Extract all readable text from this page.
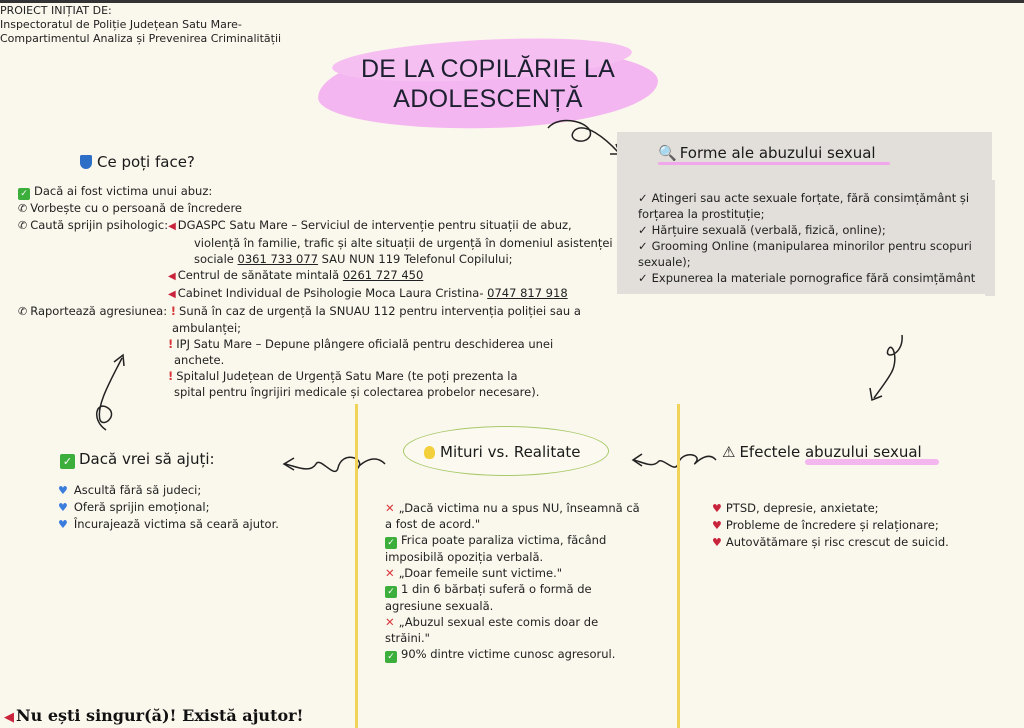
PROIECT INIȚIAT DE:
Inspectoratul de Poliție Județean Satu Mare-
Compartimentul Analiza și Prevenirea Criminalității
DE LA COPILĂRIE LA
ADOLESCENȚĂ
Ce poți face?
✓ Dacă ai fost victima unui abuz:
✆ Vorbește cu o persoană de încredere
✆ Caută sprijin psihologic:◀ DGASPC Satu Mare – Serviciul de intervenție pentru situații de abuz,
violență în familie, trafic și alte situații de urgență în domeniul asistenței
sociale 0361 733 077 SAU NUN 119 Telefonul Copilului;
◀ Centrul de sănătate mintală 0261 727 450
◀ Cabinet Individual de Psihologie Moca Laura Cristina- 0747 817 918
✆ Raportează agresiunea: ! Sună în caz de urgență la SNUAU 112 pentru intervenția poliției sau a
ambulanței;
! IPJ Satu Mare – Depune plângere oficială pentru deschiderea unei
anchete.
! Spitalul Județean de Urgență Satu Mare (te poți prezenta la
spital pentru îngrijiri medicale și colectarea probelor necesare).
🔍 Forme ale abuzului sexual
✓ Atingeri sau acte sexuale forțate, fără consimțământ și
forțarea la prostituție;
✓ Hărțuire sexuală (verbală, fizică, online);
✓ Grooming Online (manipularea minorilor pentru scopuri
sexuale);
✓ Expunerea la materiale pornografice fără consimțământ
✓ Dacă vrei să ajuți:
♥ Ascultă fără să judeci;
♥ Oferă sprijin emoțional;
♥ Încurajează victima să ceară ajutor.
Mituri vs. Realitate
✕ „Dacă victima nu a spus NU, înseamnă că
a fost de acord."
✓ Frica poate paraliza victima, făcând
imposibilă opoziția verbală.
✕ „Doar femeile sunt victime."
✓ 1 din 6 bărbați suferă o formă de
agresiune sexuală.
✕ „Abuzul sexual este comis doar de
străini."
✓ 90% dintre victime cunosc agresorul.
⚠ Efectele abuzului sexual
♥ PTSD, depresie, anxietate;
♥ Probleme de încredere și relaționare;
♥ Autovătămare și risc crescut de suicid.
◀ Nu ești singur(ă)! Există ajutor!
